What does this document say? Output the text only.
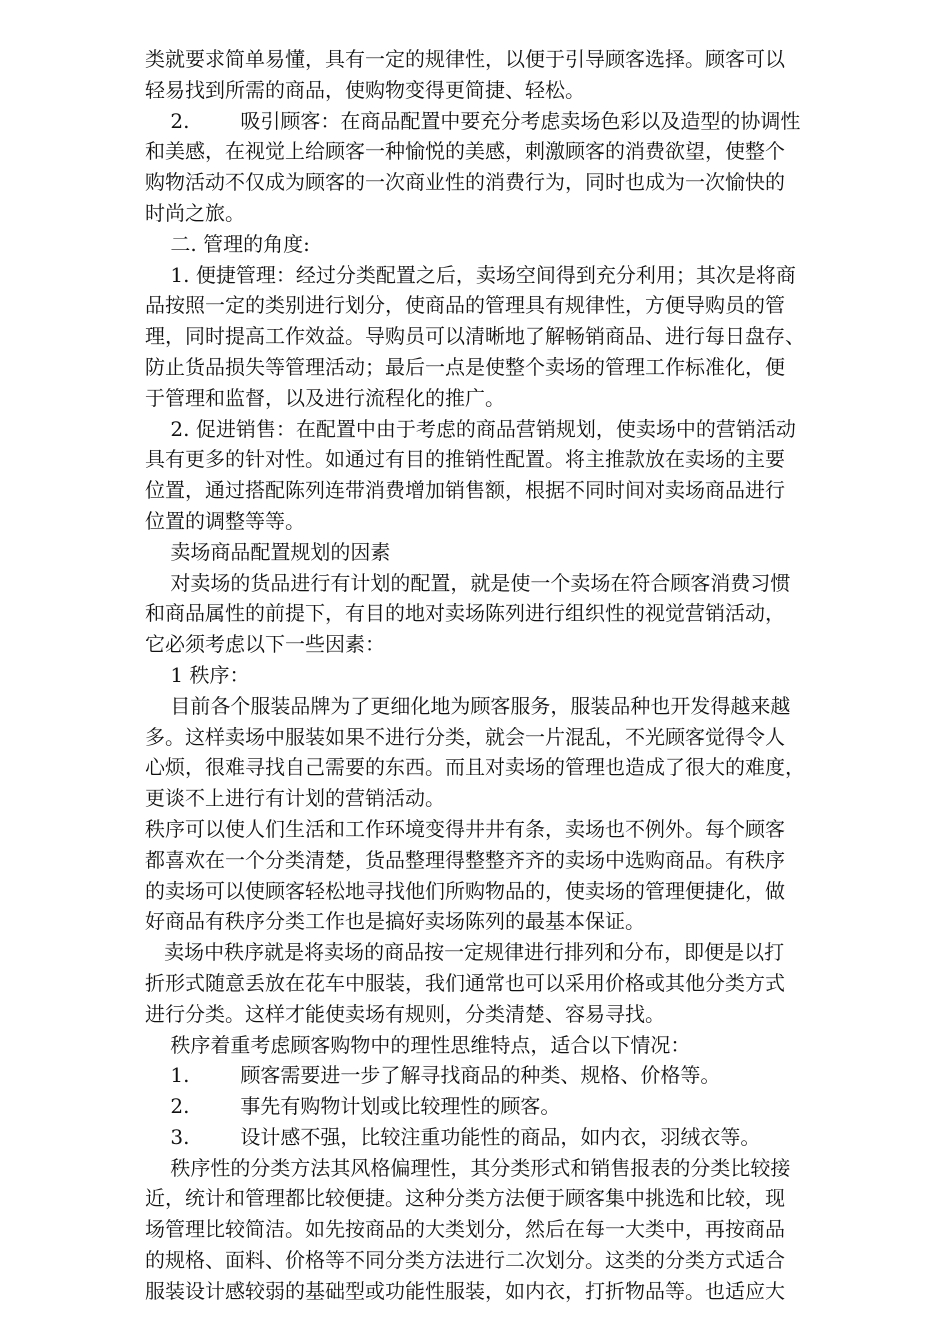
类就要求简单易懂，具有一定的规律性，以便于引导顾客选择。顾客可以
轻易找到所需的商品，使购物变得更简捷、轻松。
2.        吸引顾客：在商品配置中要充分考虑卖场色彩以及造型的协调性
和美感，在视觉上给顾客一种愉悦的美感，刺激顾客的消费欲望，使整个
购物活动不仅成为顾客的一次商业性的消费行为，同时也成为一次愉快的
时尚之旅。
二. 管理的角度:
1. 便捷管理：经过分类配置之后，卖场空间得到充分利用；其次是将商
品按照一定的类别进行划分，使商品的管理具有规律性，方便导购员的管
理，同时提高工作效益。导购员可以清晰地了解畅销商品、进行每日盘存、
防止货品损失等管理活动；最后一点是使整个卖场的管理工作标准化，便
于管理和监督，以及进行流程化的推广。
2. 促进销售：在配置中由于考虑的商品营销规划，使卖场中的营销活动
具有更多的针对性。如通过有目的推销性配置。将主推款放在卖场的主要
位置，通过搭配陈列连带消费增加销售额，根据不同时间对卖场商品进行
位置的调整等等。
卖场商品配置规划的因素
对卖场的货品进行有计划的配置，就是使一个卖场在符合顾客消费习惯
和商品属性的前提下，有目的地对卖场陈列进行组织性的视觉营销活动，
它必须考虑以下一些因素：
1 秩序：
目前各个服装品牌为了更细化地为顾客服务，服装品种也开发得越来越
多。这样卖场中服装如果不进行分类，就会一片混乱，不光顾客觉得令人
心烦，很难寻找自己需要的东西。而且对卖场的管理也造成了很大的难度，
更谈不上进行有计划的营销活动。
秩序可以使人们生活和工作环境变得井井有条，卖场也不例外。每个顾客
都喜欢在一个分类清楚，货品整理得整整齐齐的卖场中选购商品。有秩序
的卖场可以使顾客轻松地寻找他们所购物品的，使卖场的管理便捷化，做
好商品有秩序分类工作也是搞好卖场陈列的最基本保证。
卖场中秩序就是将卖场的商品按一定规律进行排列和分布，即便是以打
折形式随意丢放在花车中服装，我们通常也可以采用价格或其他分类方式
进行分类。这样才能使卖场有规则，分类清楚、容易寻找。
秩序着重考虑顾客购物中的理性思维特点，适合以下情况：
1.        顾客需要进一步了解寻找商品的种类、规格、价格等。
2.        事先有购物计划或比较理性的顾客。
3.        设计感不强，比较注重功能性的商品，如内衣，羽绒衣等。
秩序性的分类方法其风格偏理性，其分类形式和销售报表的分类比较接
近，统计和管理都比较便捷。这种分类方法便于顾客集中挑选和比较，现
场管理比较简洁。如先按商品的大类划分，然后在每一大类中，再按商品
的规格、面料、价格等不同分类方法进行二次划分。这类的分类方式适合
服装设计感较弱的基础型或功能性服装，如内衣，打折物品等。也适应大
